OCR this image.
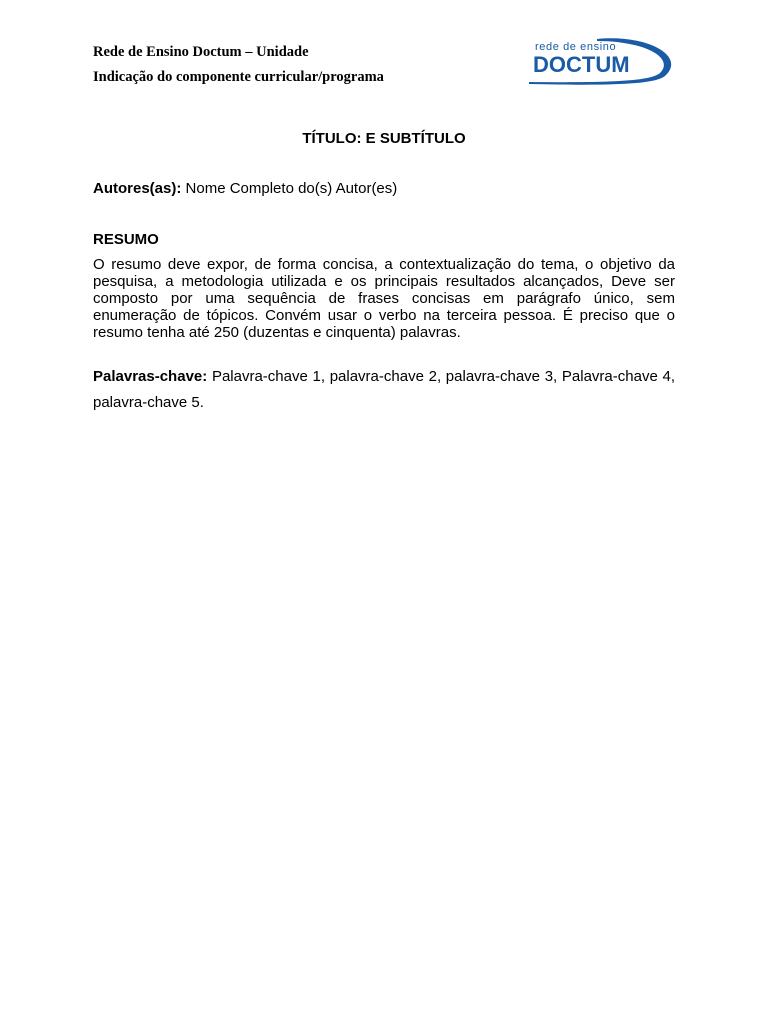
Rede de Ensino Doctum – Unidade
Indicação do componente curricular/programa
rede de ensino
DOCTUM
TÍTULO: E SUBTÍTULO
Autores(as): Nome Completo do(s) Autor(es)
RESUMO

O resumo deve expor, de forma concisa, a contextualização do tema, o objetivo da pesquisa, a metodologia utilizada e os principais resultados alcançados, Deve ser composto por uma sequência de frases concisas em parágrafo único, sem enumeração de tópicos. Convém usar o verbo na terceira pessoa. É preciso que o resumo tenha até 250 (duzentas e cinquenta) palavras.

Palavras-chave: Palavra-chave 1, palavra-chave 2, palavra-chave 3, Palavra-chave 4, palavra-chave 5.
